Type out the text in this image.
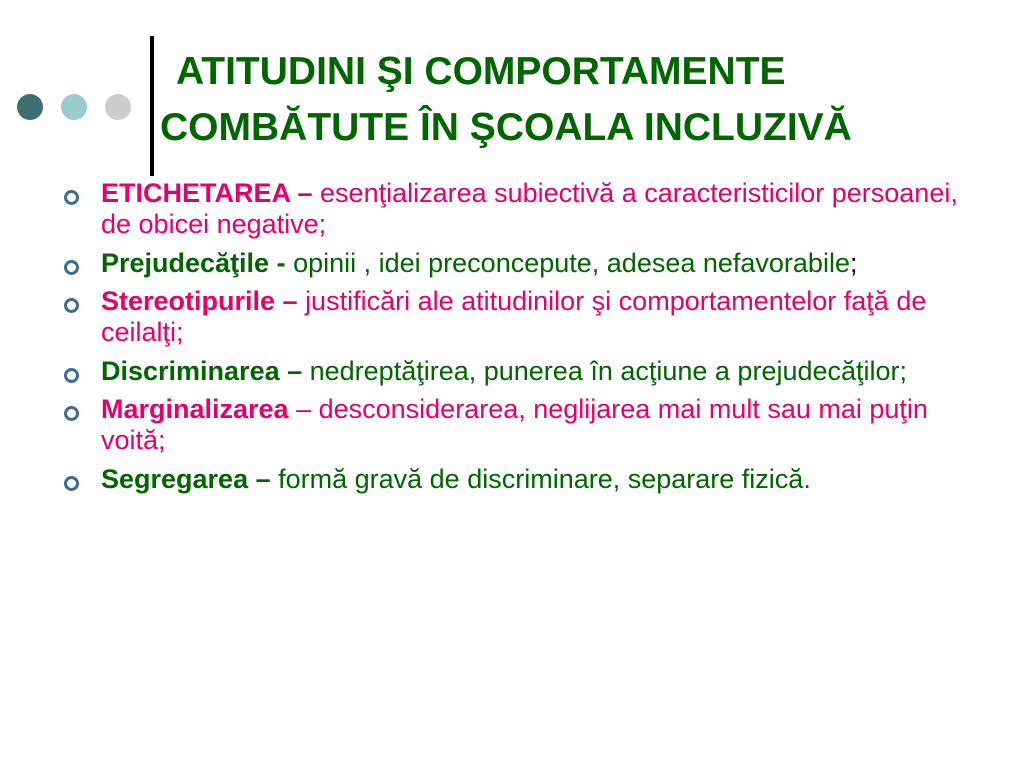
ATITUDINI ŞI COMPORTAMENTE
COMBĂTUTE ÎN ŞCOALA INCLUZIVĂ
ETICHETAREA – esenţializarea subiectivă a caracteristicilor persoanei, de obicei negative;
Prejudecăţile - opinii , idei preconcepute, adesea nefavorabile;
Stereotipurile – justificări ale atitudinilor şi comportamentelor faţă de ceilalţi;
Discriminarea – nedreptăţirea, punerea în acţiune a prejudecăţilor;
Marginalizarea – desconsiderarea, neglijarea mai mult sau mai puţin voită;
Segregarea – formă gravă de discriminare, separare fizică.
